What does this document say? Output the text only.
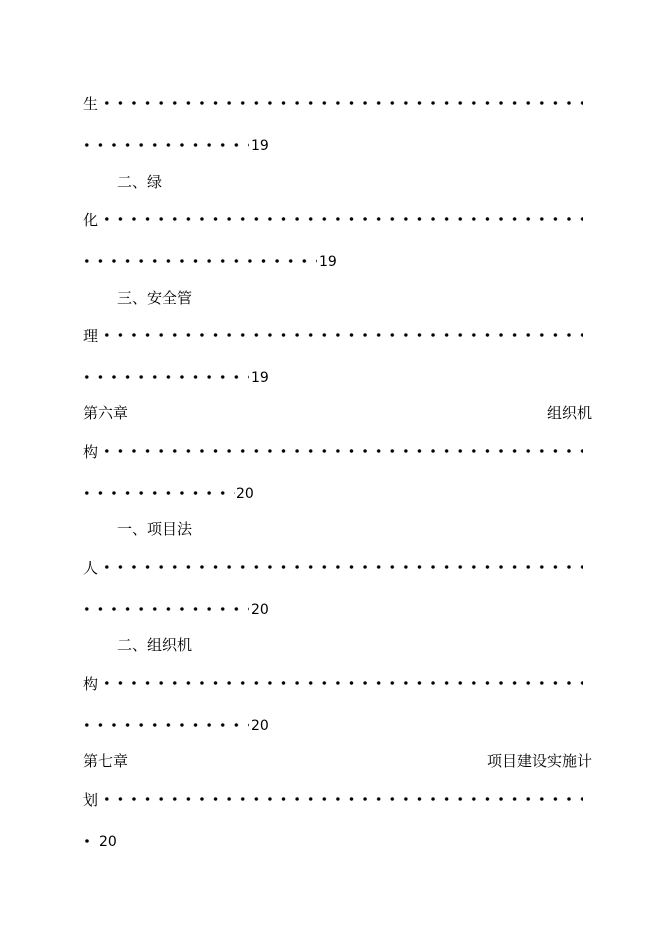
生
19
二、绿
化
19
三、安全管
理
19
第六章	组织机
构
20
一、项目法
人
20
二、组织机
构
20
第七章	项目建设实施计
划
20
